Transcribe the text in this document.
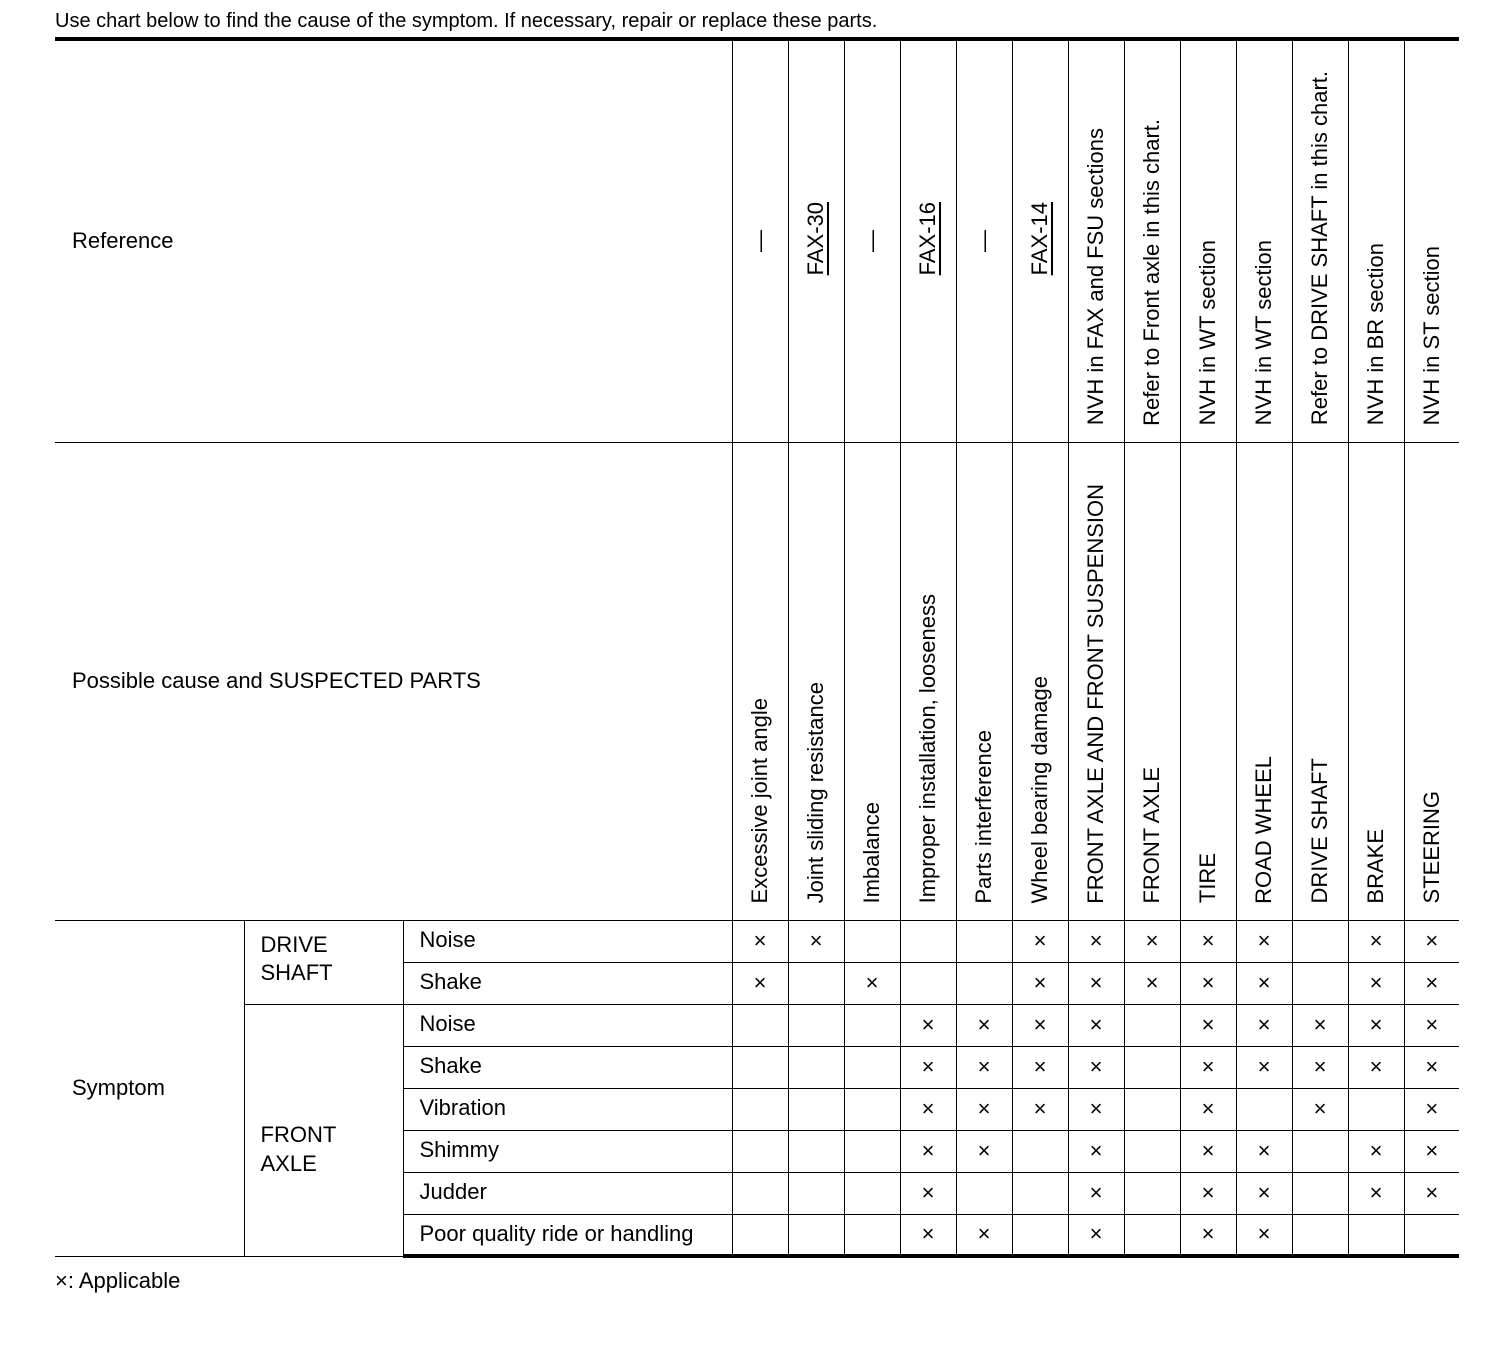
Use chart below to find the cause of the symptom. If necessary, repair or replace these parts.
Reference			—	FAX-30	—	FAX-16	—	FAX-14	NVH in FAX and FSU sections	Refer to Front axle in this chart.	NVH in WT section	NVH in WT section	Refer to DRIVE SHAFT in this chart.	NVH in BR section	NVH in ST section

Possible cause and SUSPECTED PARTS			Excessive joint angle	Joint sliding resistance	Imbalance	Improper installation, looseness	Parts interference	Wheel bearing damage	FRONT AXLE AND FRONT SUSPENSION	FRONT AXLE	TIRE	ROAD WHEEL	DRIVE SHAFT	BRAKE	STEERING

Symptom	DRIVE SHAFT	Noise	×	×				×	×	×	×	×		×	×
		Shake	×		×			×	×	×	×	×		×	×
	FRONT AXLE	Noise				×	×	×	×		×	×	×	×	×
		Shake				×	×	×	×		×	×	×	×	×
		Vibration				×	×	×	×		×		×		×
		Shimmy				×	×		×		×	×		×	×
		Judder				×			×		×	×		×	×
		Poor quality ride or handling				×	×		×		×	×			
×: Applicable
